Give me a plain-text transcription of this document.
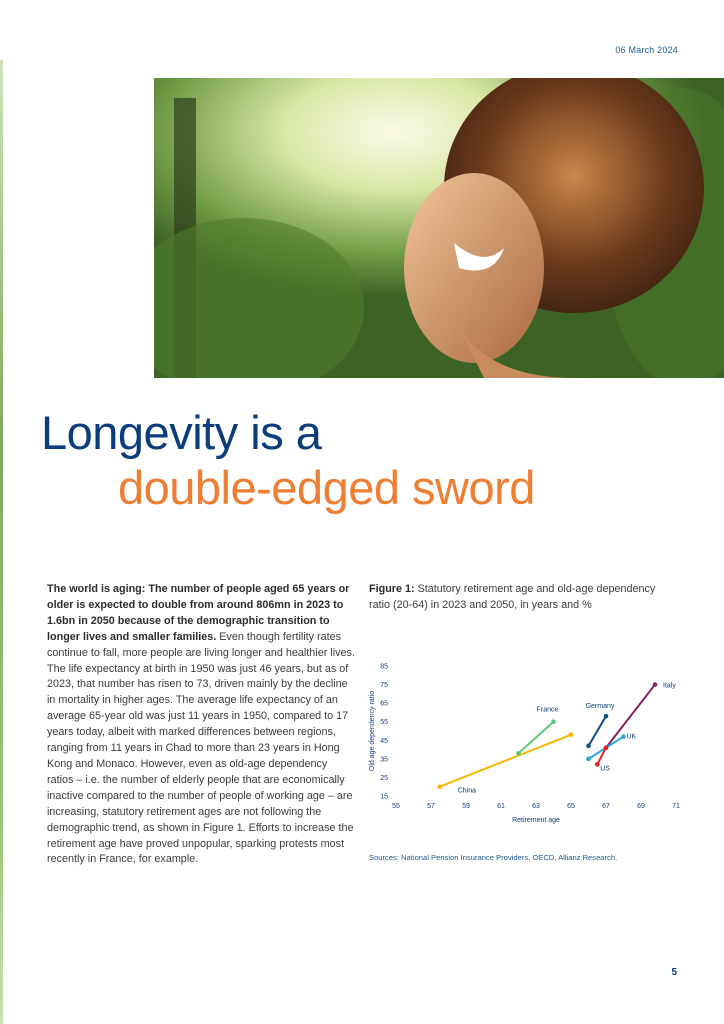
06 March 2024
Longevity is a
double-edged sword
The world is aging: The number of people aged 65 years or older is expected to double from around 806mn in 2023 to 1.6bn in 2050 because of the demographic transition to longer lives and smaller families. Even though fertility rates continue to fall, more people are living longer and healthier lives. The life expectancy at birth in 1950 was just 46 years, but as of 2023, that number has risen to 73, driven mainly by the decline in mortality in higher ages. The average life expectancy of an average 65-year old was just 11 years in 1950, compared to 17 years today, albeit with marked differences between regions, ranging from 11 years in Chad to more than 23 years in Hong Kong and Monaco. However, even as old-age dependency ratios – i.e. the number of elderly people that are economically inactive compared to the number of people of working age – are increasing, statutory retirement ages are not following the demographic trend, as shown in Figure 1. Efforts to increase the retirement age have proved unpopular, sparking protests most recently in France, for example.
Figure 1: Statutory retirement age and old-age dependency ratio (20-64) in 2023 and 2050, in years and %
15
25
35
45
55
65
75
85
55	57	59	61	63	65	67	69	71
Retirement age
Old age dependency ratio
China
France
Germany
Italy
UK
US
Sources: National Pension Insurance Providers, OECD, Allianz Research.
5
